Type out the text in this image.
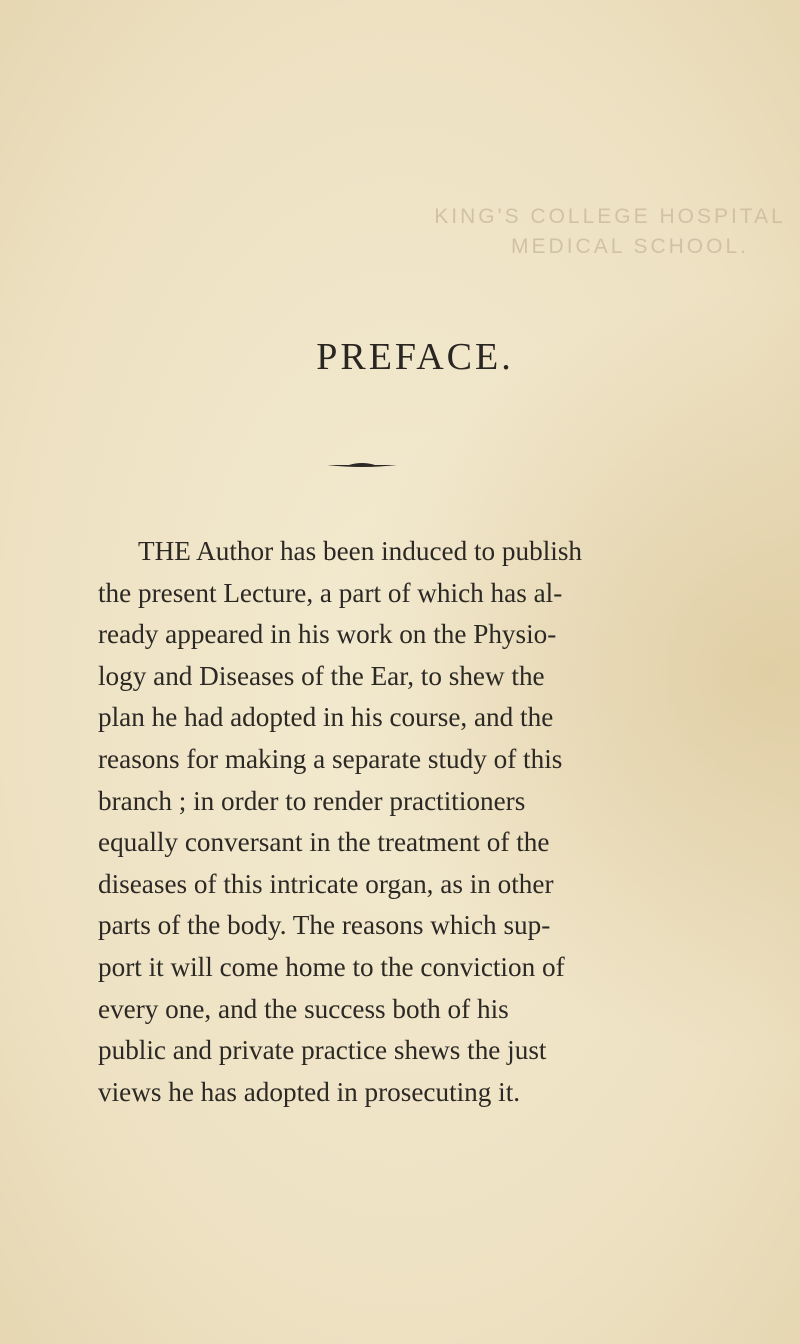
KING'S COLLEGE HOSPITAL
MEDICAL SCHOOL.
PREFACE.
THE Author has been induced to publish
the present Lecture, a part of which has al-
ready appeared in his work on the Physio-
logy and Diseases of the Ear, to shew the
plan he had adopted in his course, and the
reasons for making a separate study of this
branch ; in order to render practitioners
equally conversant in the treatment of the
diseases of this intricate organ, as in other
parts of the body. The reasons which sup-
port it will come home to the conviction of
every one, and the success both of his
public and private practice shews the just
views he has adopted in prosecuting it.
